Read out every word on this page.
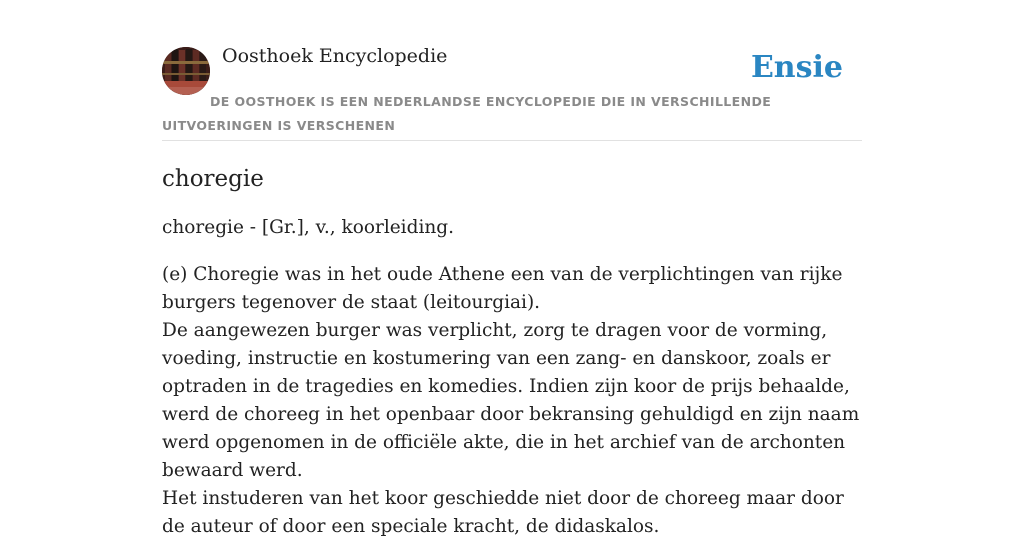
Oosthoek Encyclopedie	Ensie

DE OOSTHOEK IS EEN NEDERLANDSE ENCYCLOPEDIE DIE IN VERSCHILLENDE UITVOERINGEN IS VERSCHENEN

choregie

choregie - [Gr.], v., koorleiding.

(e) Choregie was in het oude Athene een van de verplichtingen van rijke burgers tegenover de staat (leitourgiai).
De aangewezen burger was verplicht, zorg te dragen voor de vorming, voeding, instructie en kostumering van een zang- en danskoor, zoals er optraden in de tragedies en komedies. Indien zijn koor de prijs behaalde, werd de choreeg in het openbaar door bekransing gehuldigd en zijn naam werd opgenomen in de officiële akte, die in het archief van de archonten bewaard werd.
Het instuderen van het koor geschiedde niet door de choreeg maar door de auteur of door een speciale kracht, de didaskalos.
